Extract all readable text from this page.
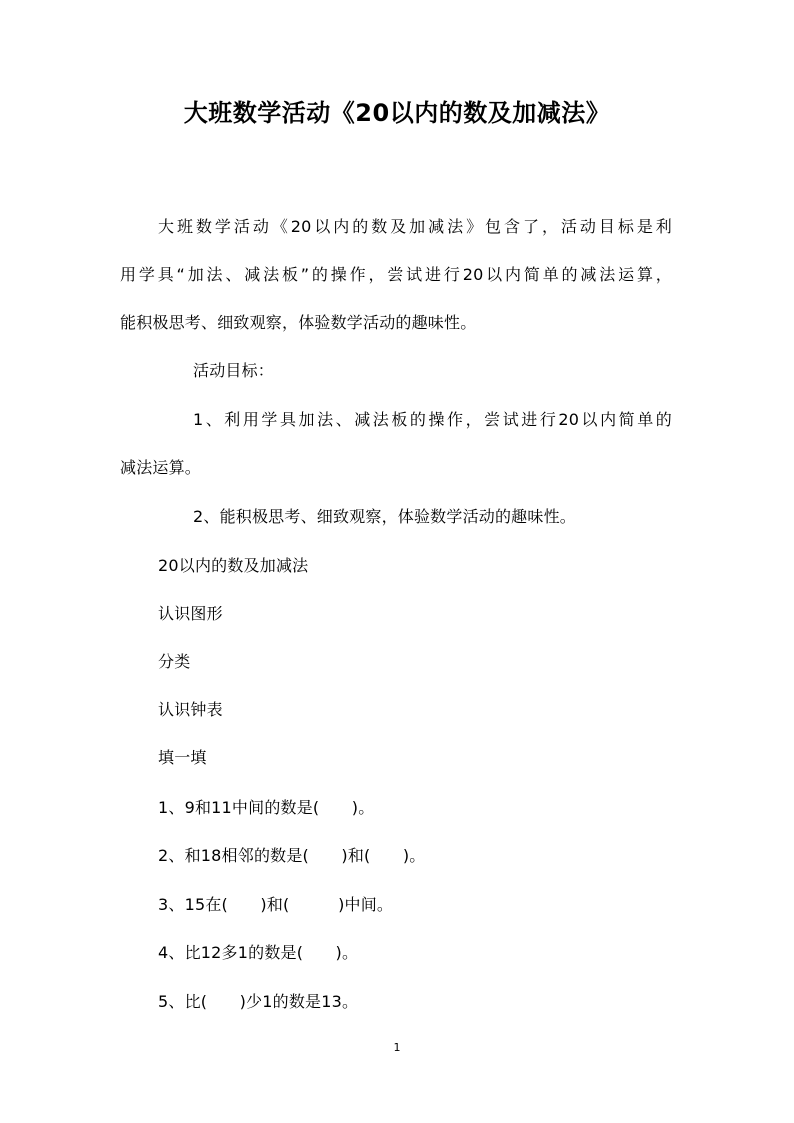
大班数学活动《20以内的数及加减法》
大班数学活动《20以内的数及加减法》包含了，活动目标是利
用学具“加法、减法板”的操作，尝试进行20以内简单的减法运算，
能积极思考、细致观察，体验数学活动的趣味性。
活动目标：
1、利用学具加法、减法板的操作，尝试进行20以内简单的
减法运算。
2、能积极思考、细致观察，体验数学活动的趣味性。
20以内的数及加减法
认识图形
分类
认识钟表
填一填
1、9和11中间的数是(　　)。
2、和18相邻的数是(　　)和(　　)。
3、15在(　　)和(　　　)中间。
4、比12多1的数是(　　)。
5、比(　　)少1的数是13。
1
